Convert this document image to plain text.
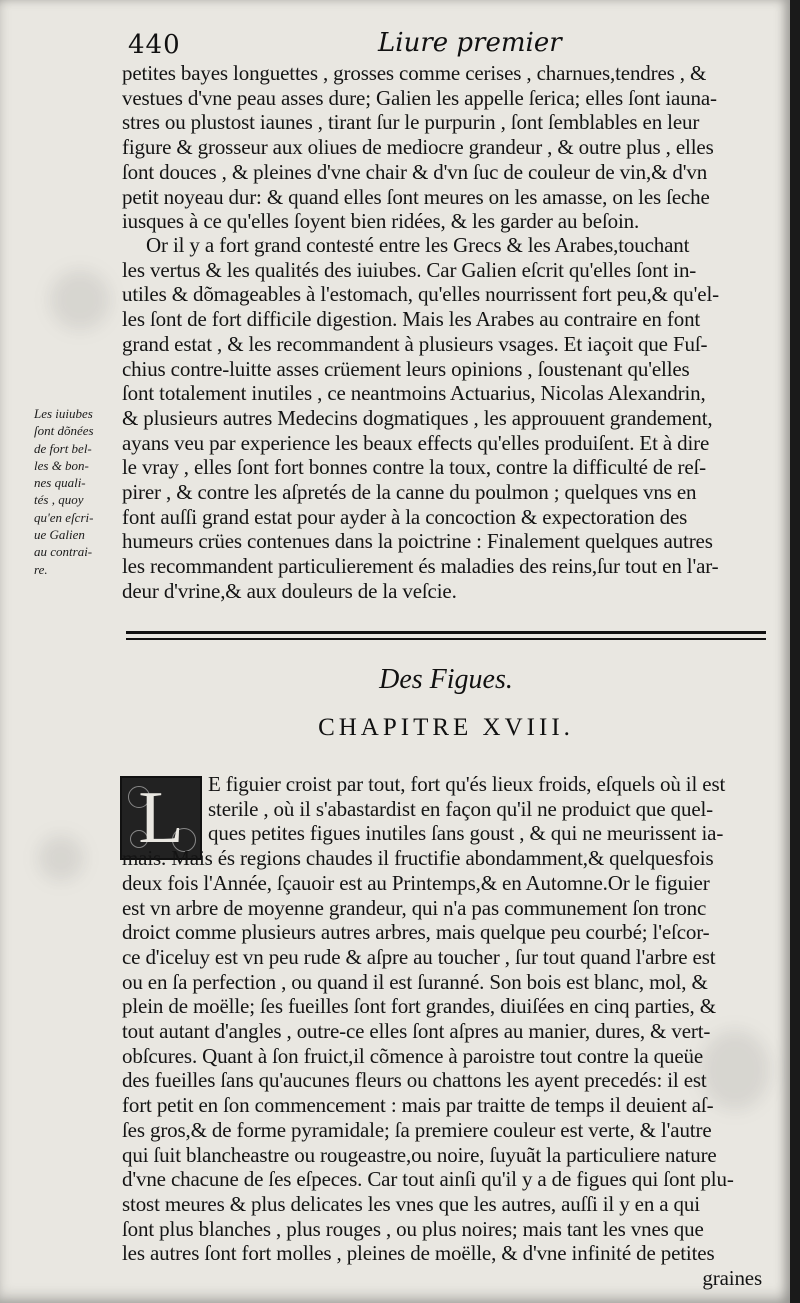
440	Liure premier
petites bayes longuettes , grosses comme cerises , charnues,tendres , &
vestues d'vne peau asses dure; Galien les appelle ſerica; elles ſont iauna-
stres ou plustost iaunes , tirant ſur le purpurin , ſont ſemblables en leur
figure & grosseur aux oliues de mediocre grandeur , & outre plus , elles
ſont douces , & pleines d'vne chair & d'vn ſuc de couleur de vin,& d'vn
petit noyeau dur: & quand elles ſont meures on les amasse, on les ſeche
iusques à ce qu'elles ſoyent bien ridées, & les garder au beſoin.
Or il y a fort grand contesté entre les Grecs & les Arabes,touchant
les vertus & les qualités des iuiubes. Car Galien eſcrit qu'elles ſont in-
utiles & dõmageables à l'estomach, qu'elles nourrissent fort peu,& qu'el-
les ſont de fort difficile digestion. Mais les Arabes au contraire en font
grand estat , & les recommandent à plusieurs vsages. Et iaçoit que Fuſ-
chius contre-luitte asses crüement leurs opinions , ſoustenant qu'elles
ſont totalement inutiles , ce neantmoins Actuarius, Nicolas Alexandrin,
& plusieurs autres Medecins dogmatiques , les approuuent grandement,
ayans veu par experience les beaux effects qu'elles produiſent. Et à dire
le vray , elles ſont fort bonnes contre la toux, contre la difficulté de reſ-
pirer , & contre les aſpretés de la canne du poulmon ; quelques vns en
font auſſi grand estat pour ayder à la concoction & expectoration des
humeurs crües contenues dans la poictrine : Finalement quelques autres
les recommandent particulierement és maladies des reins,ſur tout en l'ar-
deur d'vrine,& aux douleurs de la veſcie.
Les iuiubes
ſont dõnées
de fort bel-
les & bon-
nes quali-
tés , quoy
qu'en eſcri-
ue Galien
au contrai-
re.
Des Figues.
CHAPITRE XVIII.
L	E figuier croist par tout, fort qu'és lieux froids, eſquels où il est
sterile , où il s'abastardist en façon qu'il ne produict que quel-
ques petites figues inutiles ſans goust , & qui ne meurissent ia-
mais. Mais és regions chaudes il fructifie abondamment,& quelquesfois
deux fois l'Année, ſçauoir est au Printemps,& en Automne.Or le figuier
est vn arbre de moyenne grandeur, qui n'a pas communement ſon tronc
droict comme plusieurs autres arbres, mais quelque peu courbé; l'eſcor-
ce d'iceluy est vn peu rude & aſpre au toucher , ſur tout quand l'arbre est
ou en ſa perfection , ou quand il est ſuranné. Son bois est blanc, mol, &
plein de moëlle; ſes fueilles ſont fort grandes, diuiſées en cinq parties, &
tout autant d'angles , outre-ce elles ſont aſpres au manier, dures, & vert-
obſcures. Quant à ſon fruict,il cõmence à paroistre tout contre la queüe
des fueilles ſans qu'aucunes fleurs ou chattons les ayent precedés: il est
fort petit en ſon commencement : mais par traitte de temps il deuient aſ-
ſes gros,& de forme pyramidale; ſa premiere couleur est verte, & l'autre
qui ſuit blancheastre ou rougeastre,ou noire, ſuyuãt la particuliere nature
d'vne chacune de ſes eſpeces. Car tout ainſi qu'il y a de figues qui ſont plu-
stost meures & plus delicates les vnes que les autres, auſſi il y en a qui
ſont plus blanches , plus rouges , ou plus noires; mais tant les vnes que
les autres ſont fort molles , pleines de moëlle, & d'vne infinité de petites
graines
